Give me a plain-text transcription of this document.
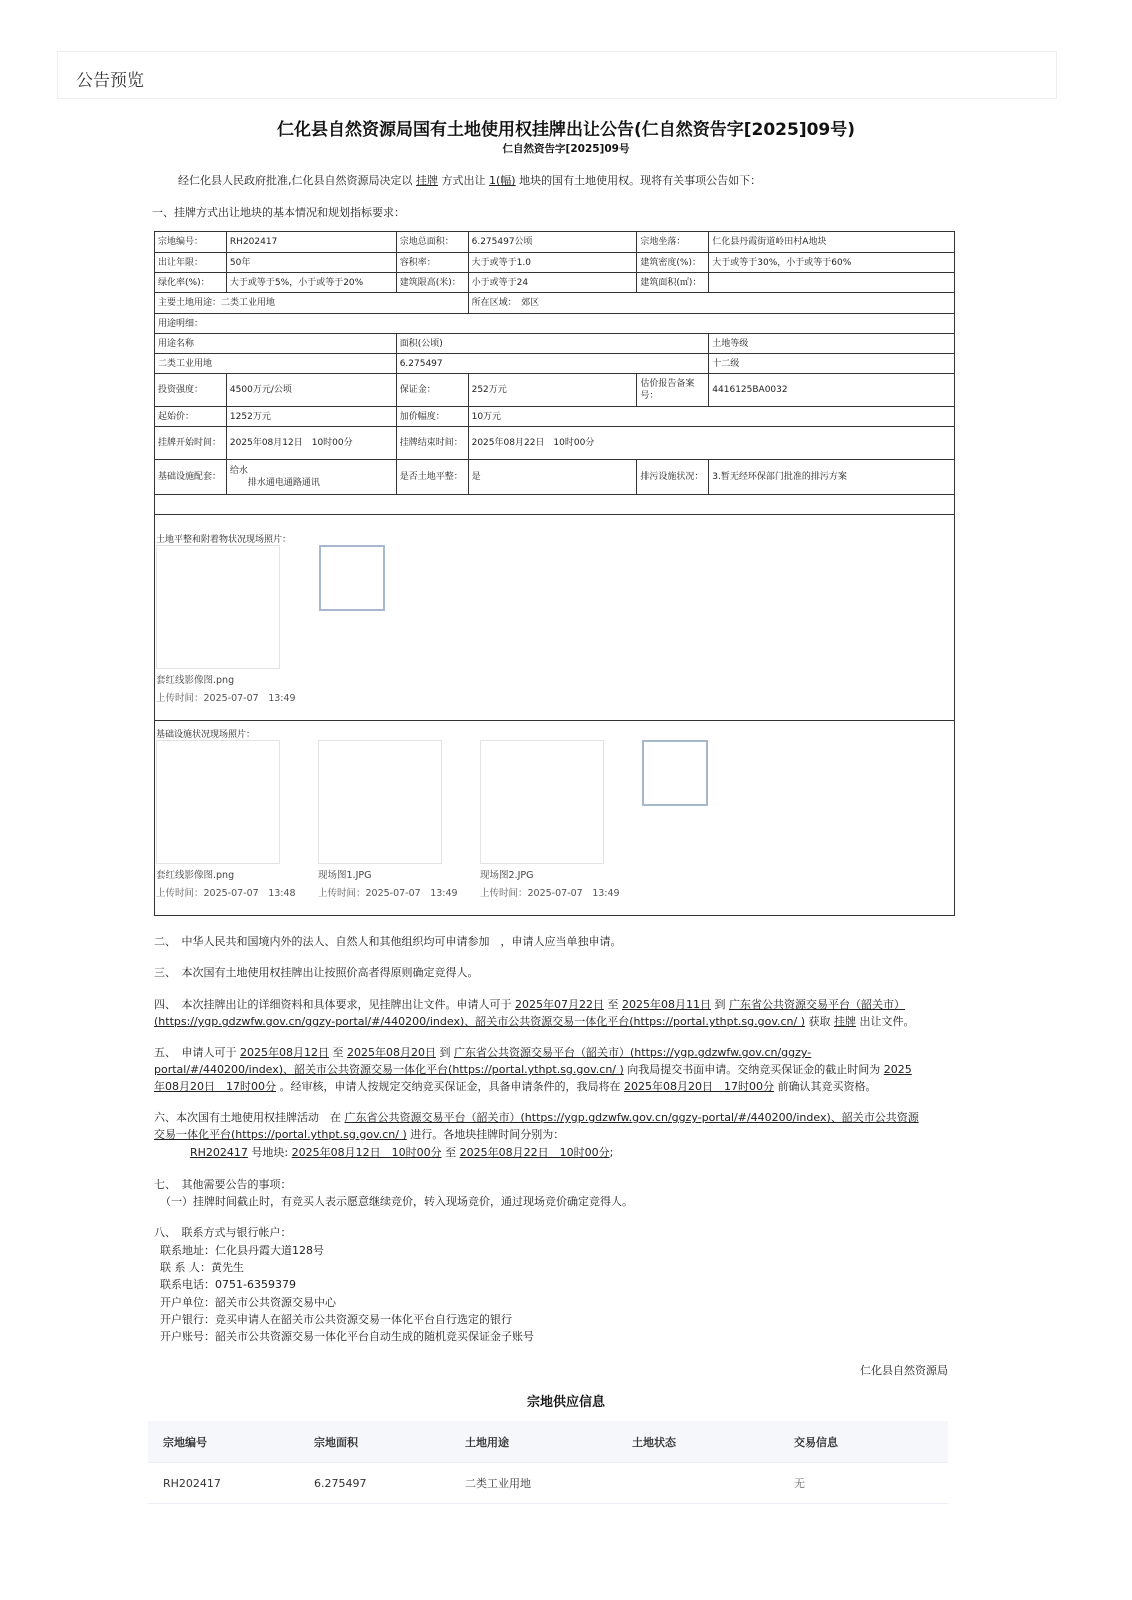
公告预览
仁化县自然资源局国有土地使用权挂牌出让公告(仁自然资告字[2025]09号)
仁自然资告字[2025]09号
经仁化县人民政府批准,仁化县自然资源局决定以 挂牌 方式出让 1(幅) 地块的国有土地使用权。现将有关事项公告如下：
一、挂牌方式出让地块的基本情况和规划指标要求：
宗地编号：	RH202417	宗地总面积：	6.275497公顷	宗地坐落：	仁化县丹霞街道岭田村A地块
出让年限：	50年	容积率：	大于或等于1.0	建筑密度(%)：	大于或等于30%，小于或等于60%
绿化率(%)：	大于或等于5%，小于或等于20%	建筑限高(米)：	小于或等于24	建筑面积(㎡)：	
主要土地用途：二类工业用地			所在区域：　郊区		
用途明细：					
用途名称		面积(公顷)			土地等级
二类工业用地		6.275497			十二级
投资强度：	4500万元/公顷	保证金：	252万元	估价报告备案号：	4416125BA0032
起始价：	1252万元	加价幅度：	10万元		
挂牌开始时间：	2025年08月12日　10时00分	挂牌结束时间：	2025年08月22日　10时00分		
基础设施配套：	给水
排水通电通路通讯	是否土地平整：	是	排污设施状况：	3.暂无经环保部门批准的排污方案

土地平整和附着物状况现场照片：
套红线影像图.png
上传时间：2025-07-07　13:49
基础设施状况现场照片：
套红线影像图.png
上传时间：2025-07-07　13:48
现场图1.JPG
上传时间：2025-07-07　13:49
现场图2.JPG
上传时间：2025-07-07　13:49
二、　中华人民共和国境内外的法人、自然人和其他组织均可申请参加　，申请人应当单独申请。
三、　本次国有土地使用权挂牌出让按照价高者得原则确定竞得人。
四、　本次挂牌出让的详细资料和具体要求，见挂牌出让文件。申请人可于 2025年07月22日 至 2025年08月11日 到 广东省公共资源交易平台（韶关市）
(https://ygp.gdzwfw.gov.cn/ggzy-portal/#/440200/index)、韶关市公共资源交易一体化平台(https://portal.ythpt.sg.gov.cn/ ) 获取 挂牌 出让文件。
五、　申请人可于 2025年08月12日 至 2025年08月20日 到 广东省公共资源交易平台（韶关市）(https://ygp.gdzwfw.gov.cn/ggzy-
portal/#/440200/index)、韶关市公共资源交易一体化平台(https://portal.ythpt.sg.gov.cn/ ) 向我局提交书面申请。交纳竞买保证金的截止时间为 2025
年08月20日　17时00分 。经审核，申请人按规定交纳竞买保证金，具备申请条件的，我局将在 2025年08月20日　17时00分 前确认其竞买资格。
六、本次国有土地使用权挂牌活动　在 广东省公共资源交易平台（韶关市）(https://ygp.gdzwfw.gov.cn/ggzy-portal/#/440200/index)、韶关市公共资源
交易一体化平台(https://portal.ythpt.sg.gov.cn/ ) 进行。各地块挂牌时间分别为：
RH202417 号地块: 2025年08月12日　10时00分 至 2025年08月22日　10时00分;
七、　其他需要公告的事项：
（一）挂牌时间截止时，有竞买人表示愿意继续竞价，转入现场竞价，通过现场竞价确定竞得人。
八、　联系方式与银行帐户：
联系地址：仁化县丹霞大道128号
联 系 人：黄先生
联系电话：0751-6359379
开户单位：韶关市公共资源交易中心
开户银行：竞买申请人在韶关市公共资源交易一体化平台自行选定的银行
开户账号：韶关市公共资源交易一体化平台自动生成的随机竞买保证金子账号
仁化县自然资源局
宗地供应信息
宗地编号	宗地面积	土地用途	土地状态	交易信息
RH202417	6.275497	二类工业用地		无
